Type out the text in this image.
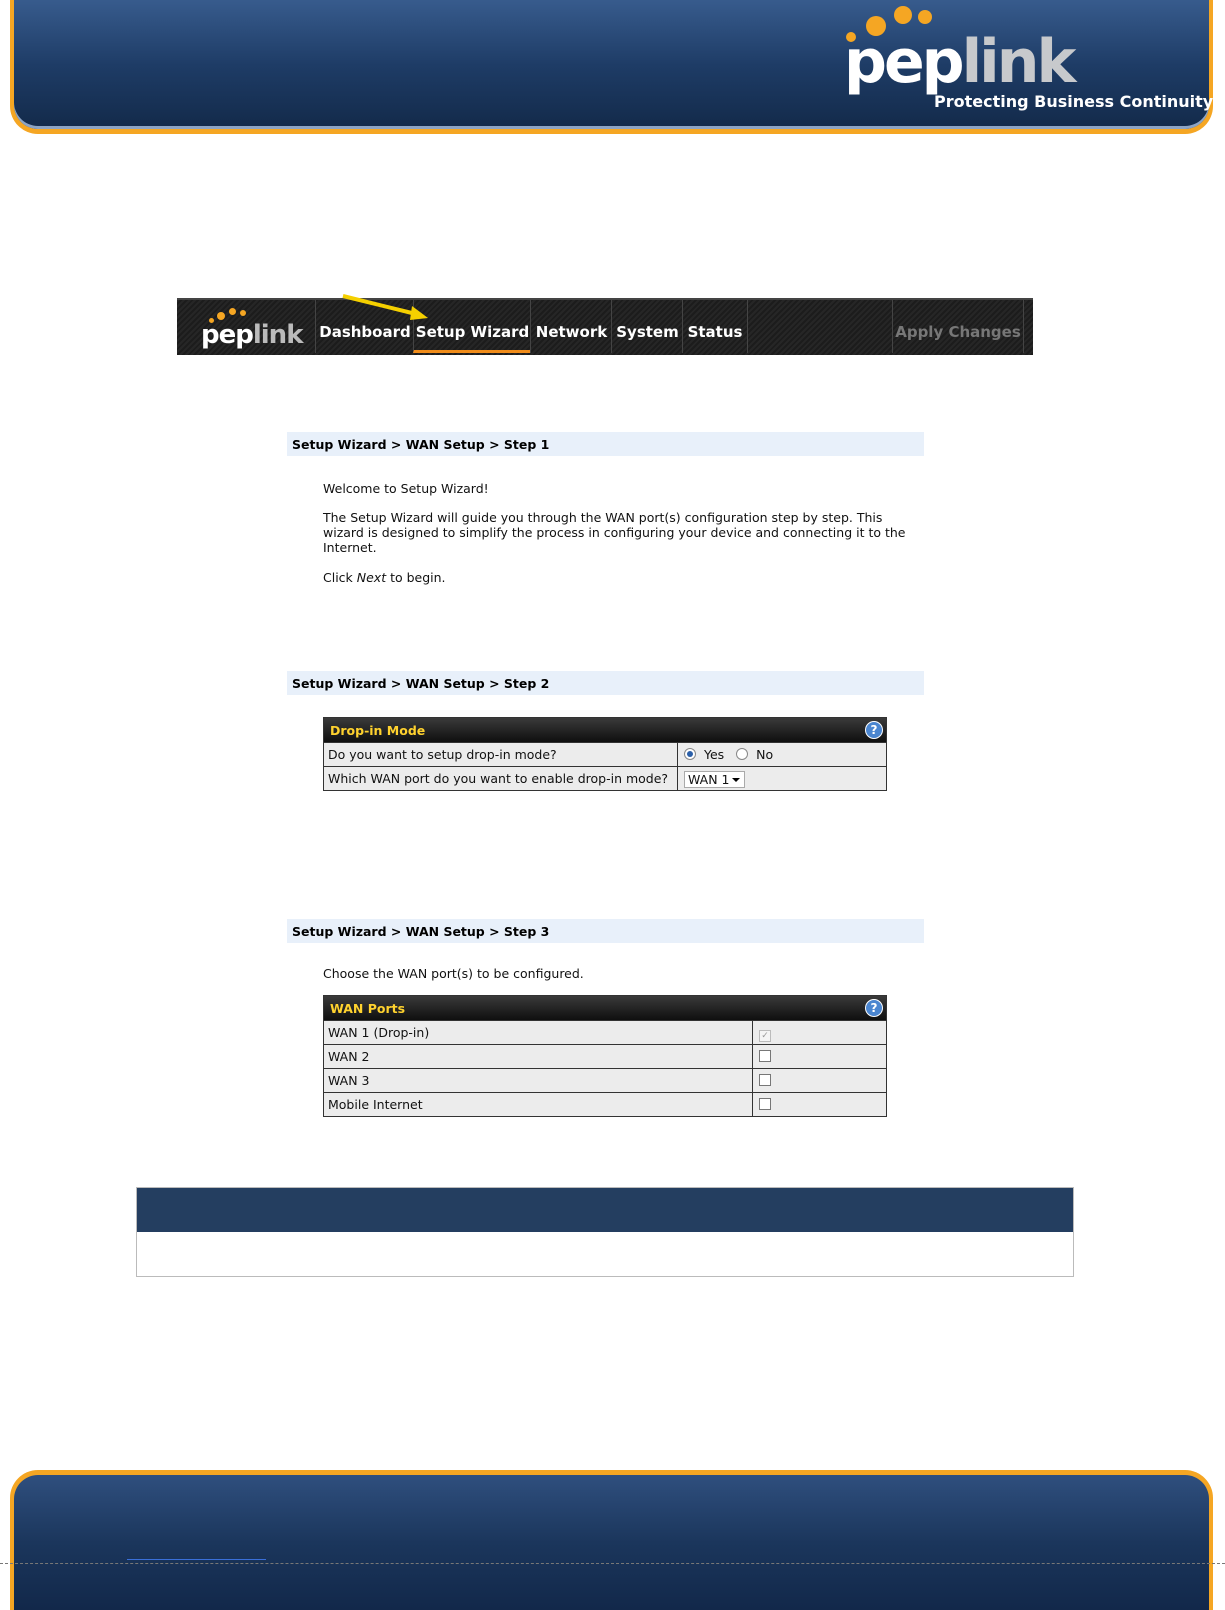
peplink
Protecting Business Continuity
peplink Dashboard Setup Wizard Network System Status	Apply Changes
Setup Wizard > WAN Setup > Step 1
Welcome to Setup Wizard!
The Setup Wizard will guide you through the WAN port(s) configuration step by step. This
wizard is designed to simplify the process in configuring your device and connecting it to the
Internet.
Click Next to begin.
Setup Wizard > WAN Setup > Step 2
Drop-in Mode	?
Do you want to setup drop-in mode?	Yes	No
Which WAN port do you want to enable drop-in mode?	WAN 1
Setup Wizard > WAN Setup > Step 3
Choose the WAN port(s) to be configured.
WAN Ports	?
WAN 1 (Drop-in)	✓
WAN 2
WAN 3
Mobile Internet
